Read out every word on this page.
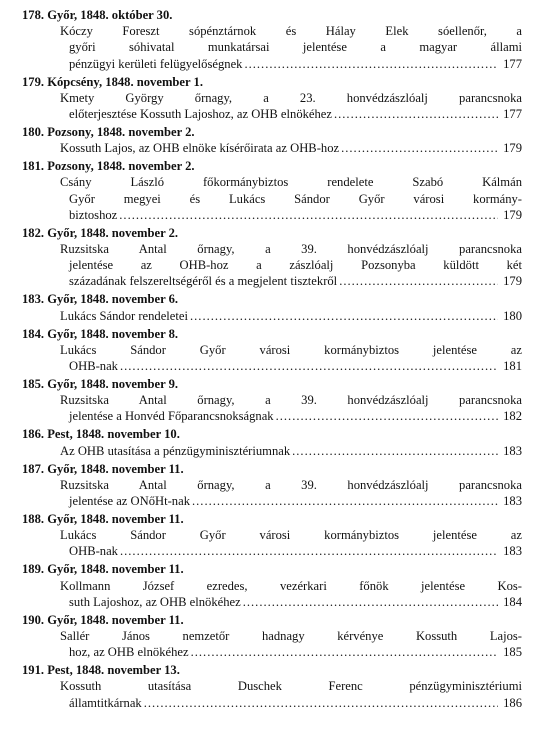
178. Győr, 1848. október 30.
Kóczy Foreszt sópénztárnok és Hálay Elek sóellenőr, a
győri sóhivatal munkatársai jelentése a magyar állami
pénzügyi kerületi felügyelőségnek .....	177
179. Kópcsény, 1848. november 1.
Kmety György őrnagy, a 23. honvédzászlóalj parancsnoka
előterjesztése Kossuth Lajoshoz, az OHB elnökéhez .....	177
180. Pozsony, 1848. november 2.
Kossuth Lajos, az OHB elnöke kísérőirata az OHB-hoz .....	179
181. Pozsony, 1848. november 2.
Csány László főkormánybiztos rendelete Szabó Kálmán
Győr megyei és Lukács Sándor Győr városi kormány-
biztoshoz .....	179
182. Győr, 1848. november 2.
Ruzsitska Antal őrnagy, a 39. honvédzászlóalj parancsnoka
jelentése az OHB-hoz a zászlóalj Pozsonyba küldött két
századának felszereltségéről és a megjelent tisztekről .....	179
183. Győr, 1848. november 6.
Lukács Sándor rendeletei .....	180
184. Győr, 1848. november 8.
Lukács Sándor Győr városi kormánybiztos jelentése az
OHB-nak .....	181
185. Győr, 1848. november 9.
Ruzsitska Antal őrnagy, a 39. honvédzászlóalj parancsnoka
jelentése a Honvéd Főparancsnokságnak .....	182
186. Pest, 1848. november 10.
Az OHB utasítása a pénzügyminisztériumnak .....	183
187. Győr, 1848. november 11.
Ruzsitska Antal őrnagy, a 39. honvédzászlóalj parancsnoka
jelentése az ONőHt-nak .....	183
188. Győr, 1848. november 11.
Lukács Sándor Győr városi kormánybiztos jelentése az
OHB-nak .....	183
189. Győr, 1848. november 11.
Kollmann József ezredes, vezérkari főnök jelentése Kos-
suth Lajoshoz, az OHB elnökéhez .....	184
190. Győr, 1848. november 11.
Sallér János nemzetőr hadnagy kérvénye Kossuth Lajos-
hoz, az OHB elnökéhez .....	185
191. Pest, 1848. november 13.
Kossuth utasítása Duschek Ferenc pénzügyminisztériumi
államtitkárnak .....	186
